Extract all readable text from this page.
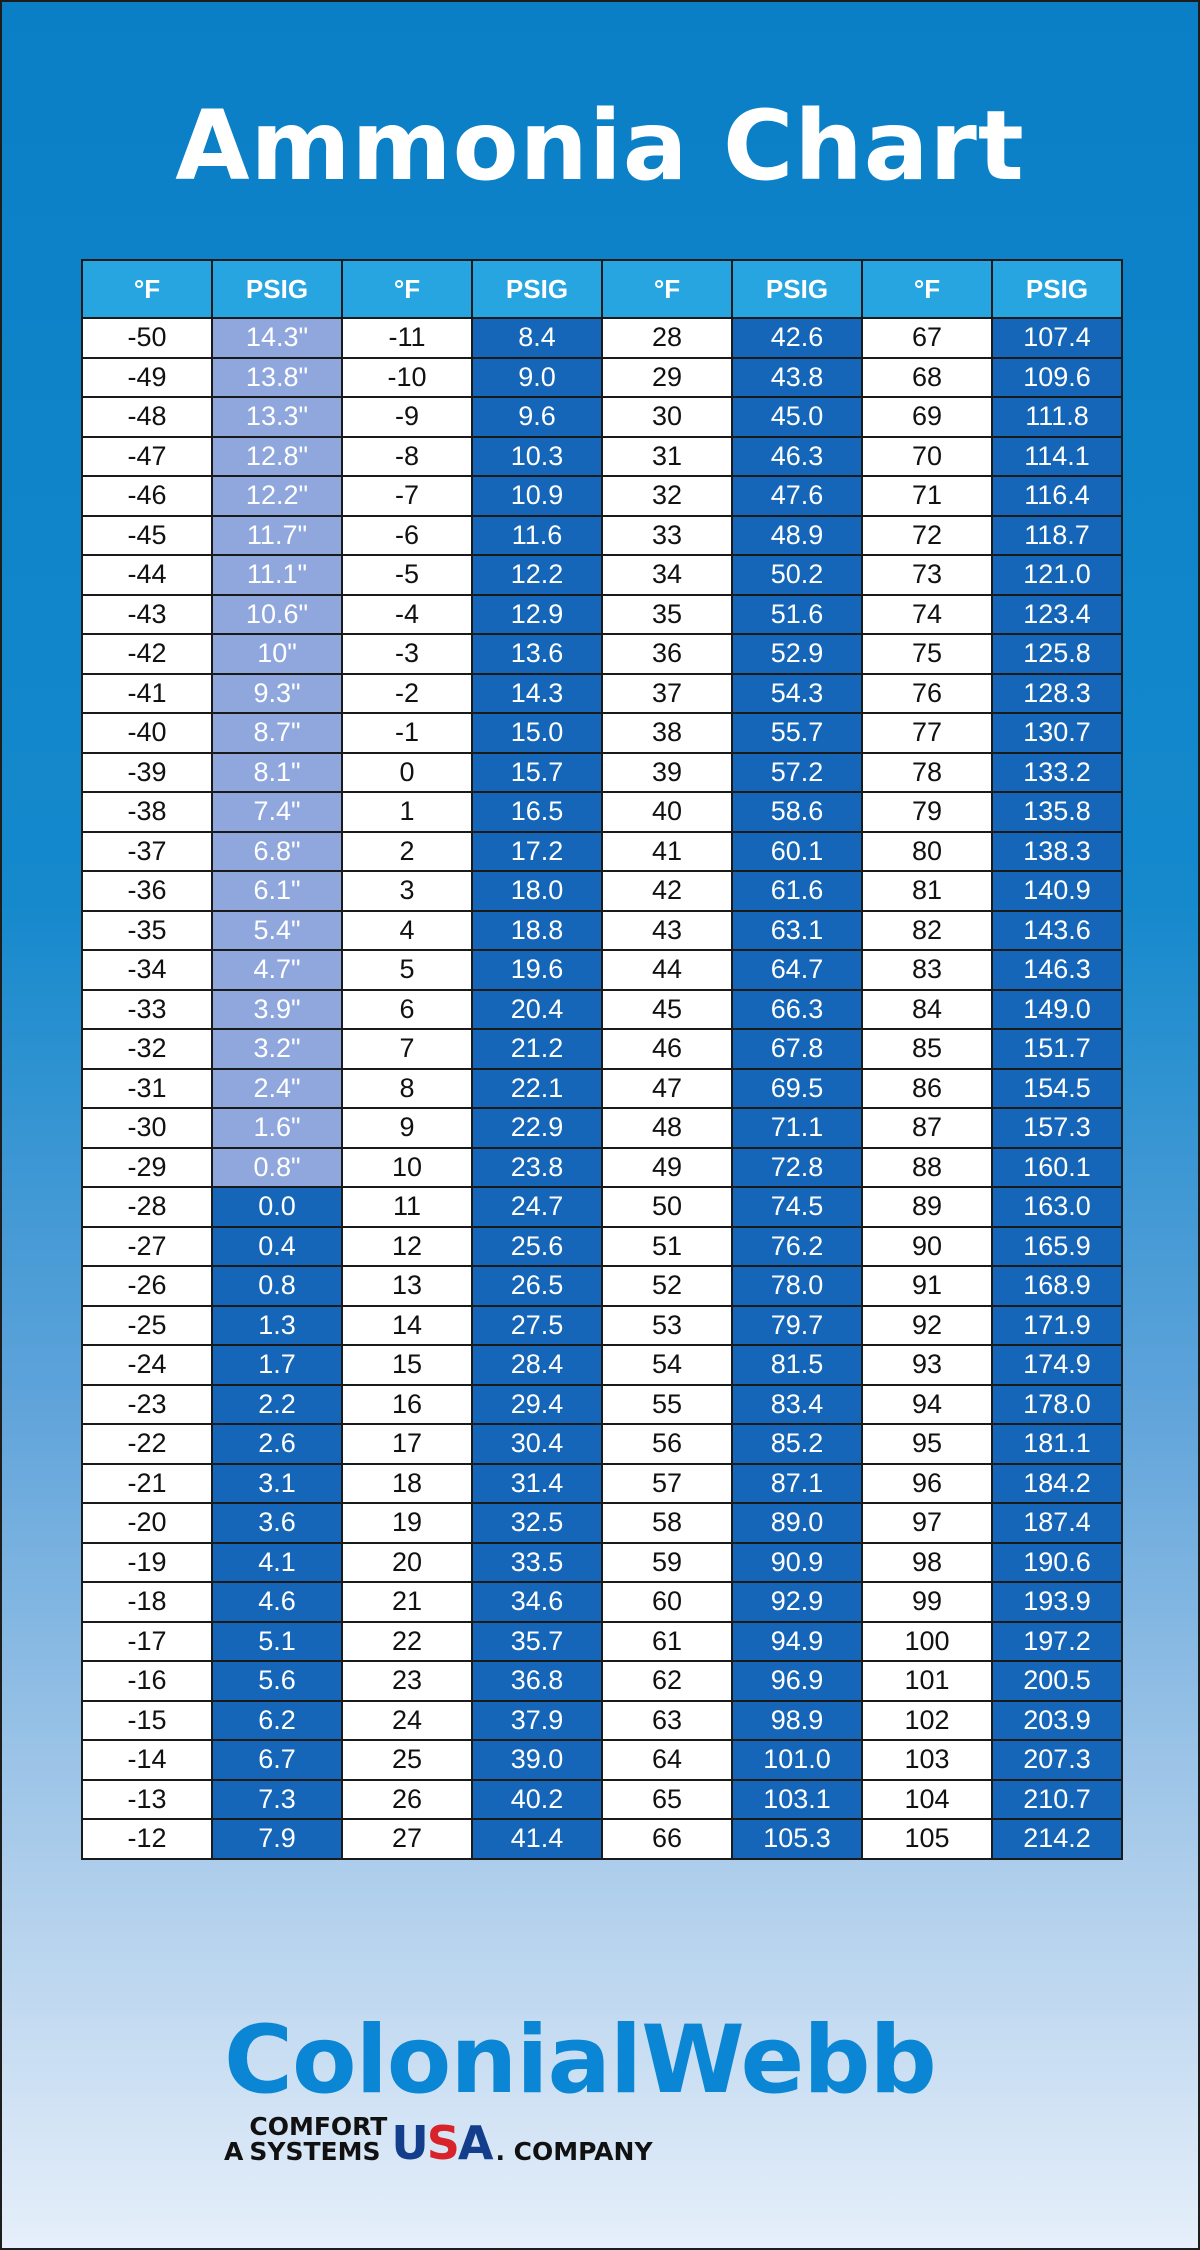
Ammonia Chart
°F	PSIG	°F	PSIG	°F	PSIG	°F	PSIG
-50	14.3"	-11	8.4	28	42.6	67	107.4
-49	13.8"	-10	9.0	29	43.8	68	109.6
-48	13.3"	-9	9.6	30	45.0	69	111.8
-47	12.8"	-8	10.3	31	46.3	70	114.1
-46	12.2"	-7	10.9	32	47.6	71	116.4
-45	11.7"	-6	11.6	33	48.9	72	118.7
-44	11.1"	-5	12.2	34	50.2	73	121.0
-43	10.6"	-4	12.9	35	51.6	74	123.4
-42	10"	-3	13.6	36	52.9	75	125.8
-41	9.3"	-2	14.3	37	54.3	76	128.3
-40	8.7"	-1	15.0	38	55.7	77	130.7
-39	8.1"	0	15.7	39	57.2	78	133.2
-38	7.4"	1	16.5	40	58.6	79	135.8
-37	6.8"	2	17.2	41	60.1	80	138.3
-36	6.1"	3	18.0	42	61.6	81	140.9
-35	5.4"	4	18.8	43	63.1	82	143.6
-34	4.7"	5	19.6	44	64.7	83	146.3
-33	3.9"	6	20.4	45	66.3	84	149.0
-32	3.2"	7	21.2	46	67.8	85	151.7
-31	2.4"	8	22.1	47	69.5	86	154.5
-30	1.6"	9	22.9	48	71.1	87	157.3
-29	0.8"	10	23.8	49	72.8	88	160.1
-28	0.0	11	24.7	50	74.5	89	163.0
-27	0.4	12	25.6	51	76.2	90	165.9
-26	0.8	13	26.5	52	78.0	91	168.9
-25	1.3	14	27.5	53	79.7	92	171.9
-24	1.7	15	28.4	54	81.5	93	174.9
-23	2.2	16	29.4	55	83.4	94	178.0
-22	2.6	17	30.4	56	85.2	95	181.1
-21	3.1	18	31.4	57	87.1	96	184.2
-20	3.6	19	32.5	58	89.0	97	187.4
-19	4.1	20	33.5	59	90.9	98	190.6
-18	4.6	21	34.6	60	92.9	99	193.9
-17	5.1	22	35.7	61	94.9	100	197.2
-16	5.6	23	36.8	62	96.9	101	200.5
-15	6.2	24	37.9	63	98.9	102	203.9
-14	6.7	25	39.0	64	101.0	103	207.3
-13	7.3	26	40.2	65	103.1	104	210.7
-12	7.9	27	41.4	66	105.3	105	214.2
ColonialWebb
A
COMFORT
SYSTEMS USA . COMPANY
